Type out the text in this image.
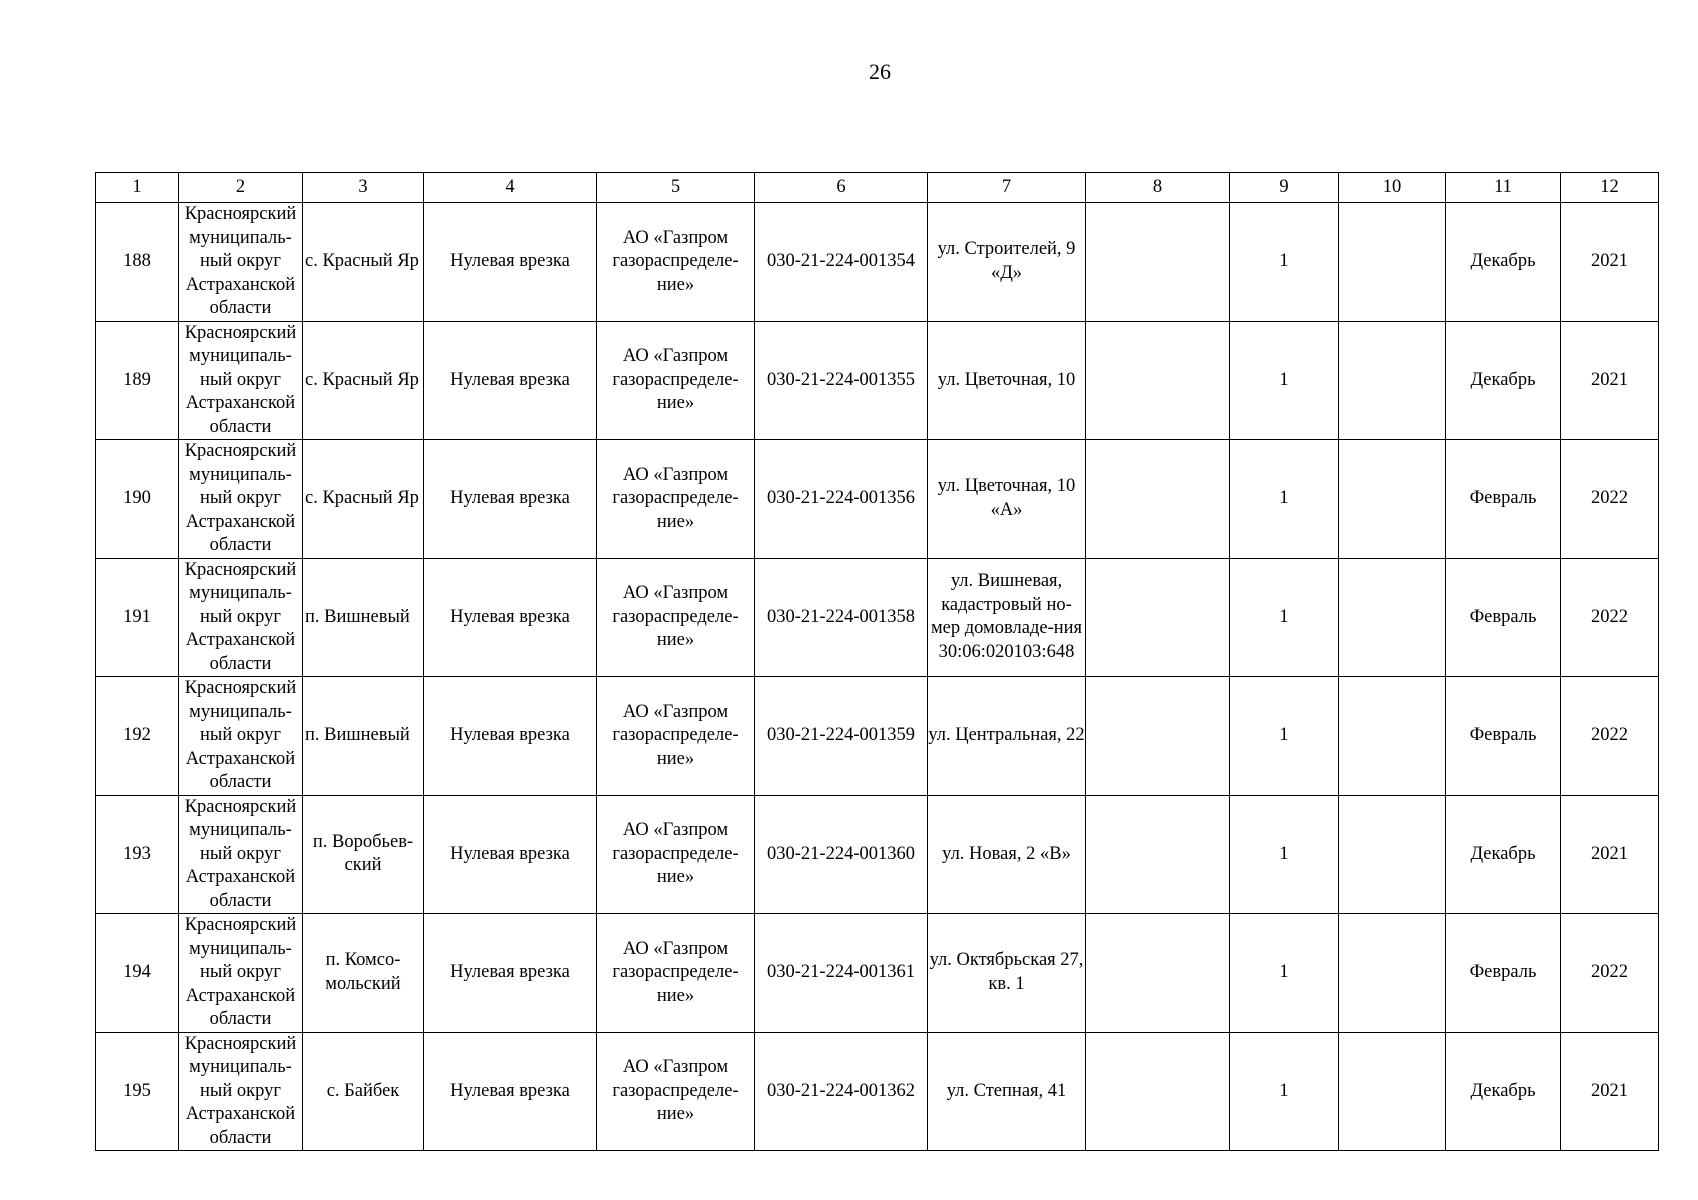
26
1	2	3	4	5	6	7	8	9	10	11	12
188	Красноярский муниципаль-ный округ Астраханской области	с. Красный Яр	Нулевая врезка	АО «Газпром газораспределе-ние»	030-21-224-001354	ул. Строителей, 9 «Д»		1		Декабрь	2021
189	Красноярский муниципаль-ный округ Астраханской области	с. Красный Яр	Нулевая врезка	АО «Газпром газораспределе-ние»	030-21-224-001355	ул. Цветочная, 10		1		Декабрь	2021
190	Красноярский муниципаль-ный округ Астраханской области	с. Красный Яр	Нулевая врезка	АО «Газпром газораспределе-ние»	030-21-224-001356	ул. Цветочная, 10 «А»		1		Февраль	2022
191	Красноярский муниципаль-ный округ Астраханской области	п. Вишневый	Нулевая врезка	АО «Газпром газораспределе-ние»	030-21-224-001358	ул. Вишневая, кадастровый но-мер домовладе-ния 30:06:020103:648		1		Февраль	2022
192	Красноярский муниципаль-ный округ Астраханской области	п. Вишневый	Нулевая врезка	АО «Газпром газораспределе-ние»	030-21-224-001359	ул. Центральная, 22		1		Февраль	2022
193	Красноярский муниципаль-ный округ Астраханской области	п. Воробьев-ский	Нулевая врезка	АО «Газпром газораспределе-ние»	030-21-224-001360	ул. Новая, 2 «В»		1		Декабрь	2021
194	Красноярский муниципаль-ный округ Астраханской области	п. Комсо-мольский	Нулевая врезка	АО «Газпром газораспределе-ние»	030-21-224-001361	ул. Октябрьская 27, кв. 1		1		Февраль	2022
195	Красноярский муниципаль-ный округ Астраханской области	с. Байбек	Нулевая врезка	АО «Газпром газораспределе-ние»	030-21-224-001362	ул. Степная, 41		1		Декабрь	2021
